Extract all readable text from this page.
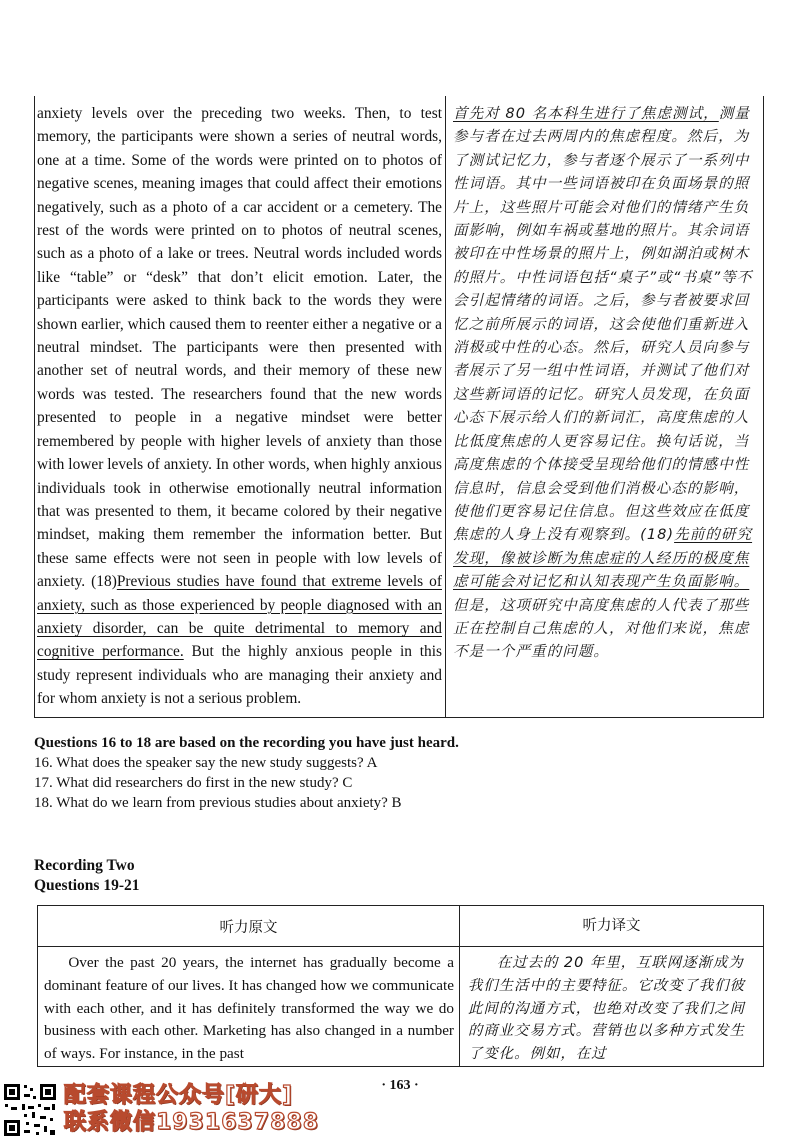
anxiety levels over the preceding two weeks. Then, to test memory, the participants were shown a series of neutral words, one at a time. Some of the words were printed on to photos of negative scenes, meaning images that could affect their emotions negatively, such as a photo of a car accident or a cemetery. The rest of the words were printed on to photos of neutral scenes, such as a photo of a lake or trees. Neutral words included words like “table” or “desk” that don’t elicit emotion. Later, the participants were asked to think back to the words they were shown earlier, which caused them to reenter either a negative or a neutral mindset. The participants were then presented with another set of neutral words, and their memory of these new words was tested. The researchers found that the new words presented to people in a negative mindset were better remembered by people with higher levels of anxiety than those with lower levels of anxiety. In other words, when highly anxious individuals took in otherwise emotionally neutral information that was presented to them, it became colored by their negative mindset, making them remember the information better. But these same effects were not seen in people with low levels of anxiety. (18)Previous studies have found that extreme levels of anxiety, such as those experienced by people diagnosed with an anxiety disorder, can be quite detrimental to memory and cognitive performance. But the highly anxious people in this study represent individuals who are managing their anxiety and for whom anxiety is not a serious problem.
首先对 80 名本科生进行了焦虑测试，测量参与者在过去两周内的焦虑程度。然后，为了测试记忆力，参与者逐个展示了一系列中性词语。其中一些词语被印在负面场景的照片上，这些照片可能会对他们的情绪产生负面影响，例如车祸或墓地的照片。其余词语被印在中性场景的照片上，例如湖泊或树木的照片。中性词语包括“桌子”或“书桌”等不会引起情绪的词语。之后，参与者被要求回忆之前所展示的词语，这会使他们重新进入消极或中性的心态。然后，研究人员向参与者展示了另一组中性词语，并测试了他们对这些新词语的记忆。研究人员发现，在负面心态下展示给人们的新词汇，高度焦虑的人比低度焦虑的人更容易记住。换句话说，当高度焦虑的个体接受呈现给他们的情感中性信息时，信息会受到他们消极心态的影响，使他们更容易记住信息。但这些效应在低度焦虑的人身上没有观察到。(18)先前的研究发现，像被诊断为焦虑症的人经历的极度焦虑可能会对记忆和认知表现产生负面影响。但是，这项研究中高度焦虑的人代表了那些正在控制自己焦虑的人，对他们来说，焦虑不是一个严重的问题。
Questions 16 to 18 are based on the recording you have just heard.
16. What does the speaker say the new study suggests? A
17. What did researchers do first in the new study? C
18. What do we learn from previous studies about anxiety? B
Recording Two
Questions 19-21
听力原文	听力译文
Over the past 20 years, the internet has gradually become a dominant feature of our lives. It has changed how we communicate with each other, and it has definitely transformed the way we do business with each other. Marketing has also changed in a number of ways. For instance, in the past
在过去的 20 年里，互联网逐渐成为我们生活中的主要特征。它改变了我们彼此间的沟通方式，也绝对改变了我们之间的商业交易方式。营销也以多种方式发生了变化。例如，在过
· 163 ·
配套课程公众号[研大]
联系微信1931637888
